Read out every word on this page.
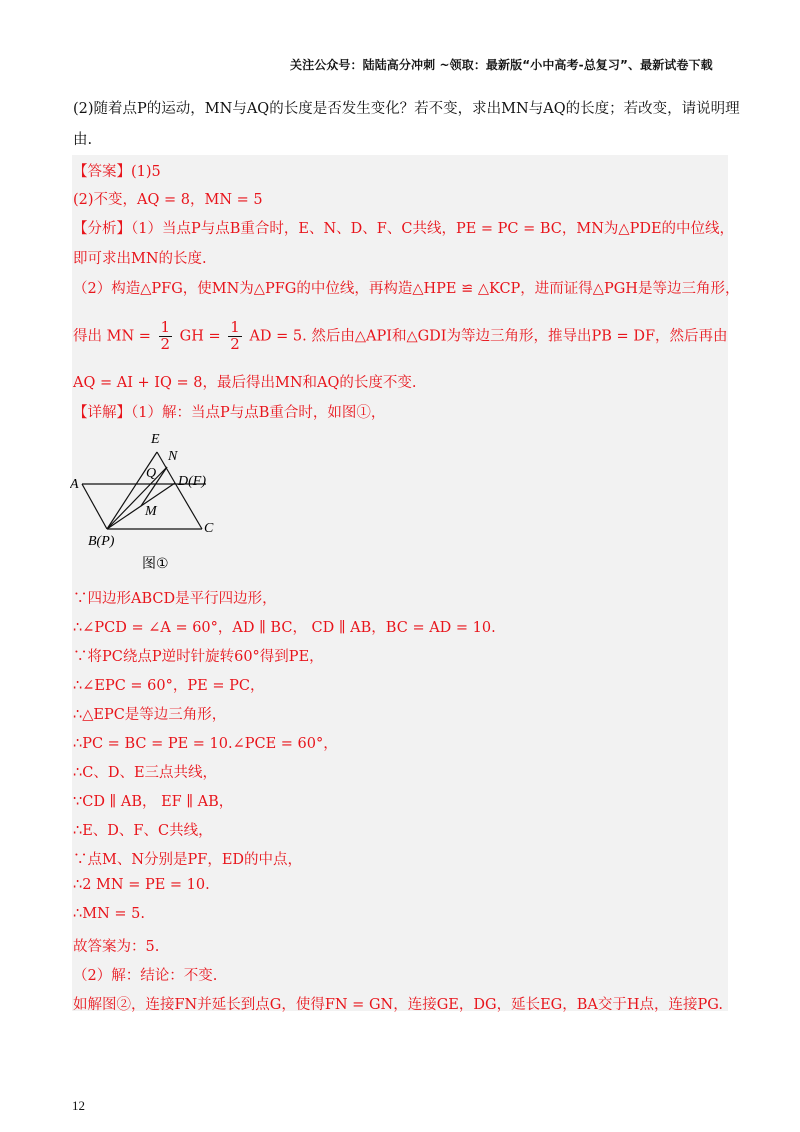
关注公众号：陆陆高分冲刺 ~领取：最新版“小中高考-总复习”、最新试卷下载
(2)随着点P的运动，MN与AQ的长度是否发生变化？若不变，求出MN与AQ的长度；若改变，请说明理
由.
【答案】(1)5
(2)不变，AQ = 8，MN = 5
【分析】（1）当点P与点B重合时，E、N、D、F、C共线，PE = PC = BC，MN为△PDE的中位线，
即可求出MN的长度.
（2）构造△PFG，使MN为△PFG的中位线，再构造△HPE ≌ △KCP，进而证得△PGH是等边三角形，
得出 MN = $\frac{1}{2}$ GH = $\frac{1}{2}$ AD = 5. 然后由△API和△GDI为等边三角形，推导出PB = DF，然后再由
AQ = AI + IQ = 8，最后得出MN和AQ的长度不变.
【详解】（1）解：当点P与点B重合时，如图①，
E
N
Q
A	D(F)
M
C
B(P)
图①
∵四边形ABCD是平行四边形，
∴∠PCD = ∠A = 60°，AD ∥ BC， CD ∥ AB，BC = AD = 10.
∵将PC绕点P逆时针旋转60°得到PE，
∴∠EPC = 60°，PE = PC，
∴△EPC是等边三角形，
∴PC = BC = PE = 10.∠PCE = 60°，
∴C、D、E三点共线，
∵CD ∥ AB， EF ∥ AB，
∴E、D、F、C共线，
∵点M、N分别是PF，ED的中点，
∴2 MN = PE = 10.
∴MN = 5.
故答案为：5.
（2）解：结论：不变.
如解图②，连接FN并延长到点G，使得FN = GN，连接GE，DG，延长EG，BA交于H点，连接PG.
12
